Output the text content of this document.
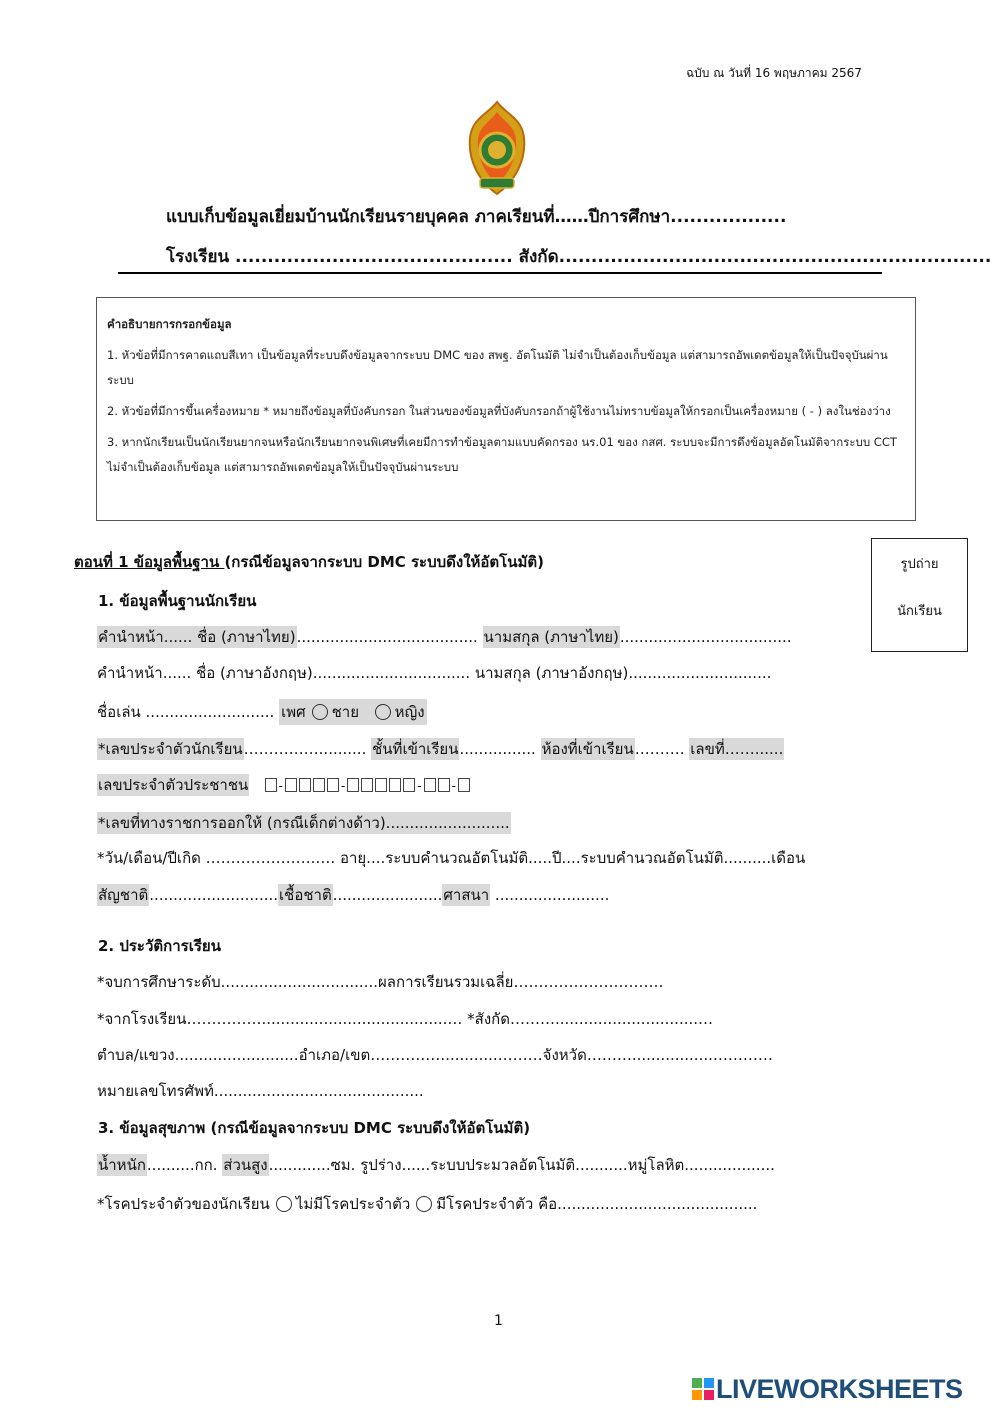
ฉบับ ณ วันที่ 16 พฤษภาคม 2567
แบบเก็บข้อมูลเยี่ยมบ้านนักเรียนรายบุคคล ภาคเรียนที่……ปีการศึกษา..................
โรงเรียน ........................................... สังกัด...................................................................
คำอธิบายการกรอกข้อมูล
1. หัวข้อที่มีการคาดแถบสีเทา เป็นข้อมูลที่ระบบดึงข้อมูลจากระบบ DMC ของ สพฐ. อัตโนมัติ ไม่จำเป็นต้องเก็บข้อมูล แต่สามารถอัพเดตข้อมูลให้เป็นปัจจุบันผ่านระบบ
2. หัวข้อที่มีการขึ้นเครื่องหมาย * หมายถึงข้อมูลที่บังคับกรอก ในส่วนของข้อมูลที่บังคับกรอกถ้าผู้ใช้งานไม่ทราบข้อมูลให้กรอกเป็นเครื่องหมาย ( - ) ลงในช่องว่าง
3. หากนักเรียนเป็นนักเรียนยากจนหรือนักเรียนยากจนพิเศษที่เคยมีการทำข้อมูลตามแบบคัดกรอง นร.01 ของ กสศ. ระบบจะมีการดึงข้อมูลอัตโนมัติจากระบบ CCT ไม่จำเป็นต้องเก็บข้อมูล แต่สามารถอัพเดตข้อมูลให้เป็นปัจจุบันผ่านระบบ
ตอนที่ 1 ข้อมูลพื้นฐาน (กรณีข้อมูลจากระบบ DMC ระบบดึงให้อัตโนมัติ)	รูปถ่าย
นักเรียน
1. ข้อมูลพื้นฐานนักเรียน
คำนำหน้า...... ชื่อ (ภาษาไทย)...................................... นามสกุล (ภาษาไทย)....................................
คำนำหน้า...... ชื่อ (ภาษาอังกฤษ)................................. นามสกุล (ภาษาอังกฤษ)..............................
ชื่อเล่น ........................... เพศ ชาย หญิง
*เลขประจำตัวนักเรียน…………….......... ชั้นที่เข้าเรียน................ ห้องที่เข้าเรียน………. เลขที่……......
เลขประจำตัวประชาชน	-	-	-	-
*เลขที่ทางราชการออกให้ (กรณีเด็กต่างด้าว)..........................
*วัน/เดือน/ปีเกิด ………………….…. อายุ....ระบบคำนวณอัตโนมัติ.....ปี....ระบบคำนวณอัตโนมัติ..........เดือน
สัญชาติ...........................เชื้อชาติ.......................ศาสนา ........................
2. ประวัติการเรียน
*จบการศึกษาระดับ.................................ผลการเรียนรวมเฉลี่ย…………………………
*จากโรงเรียน…………….......................................… *สังกัด………..............................…
ตำบล/แขวง..........................อำเภอ/เขต……………...........………จังหวัด……….................…………
หมายเลขโทรศัพท์............................................
3. ข้อมูลสุขภาพ (กรณีข้อมูลจากระบบ DMC ระบบดึงให้อัตโนมัติ)
น้ำหนัก..........กก. ส่วนสูง.............ซม. รูปร่าง......ระบบประมวลอัตโนมัติ...........หมู่โลหิต...................
*โรคประจำตัวของนักเรียน ไม่มีโรคประจำตัว มีโรคประจำตัว คือ..........................................
1
LIVEWORKSHEETS
